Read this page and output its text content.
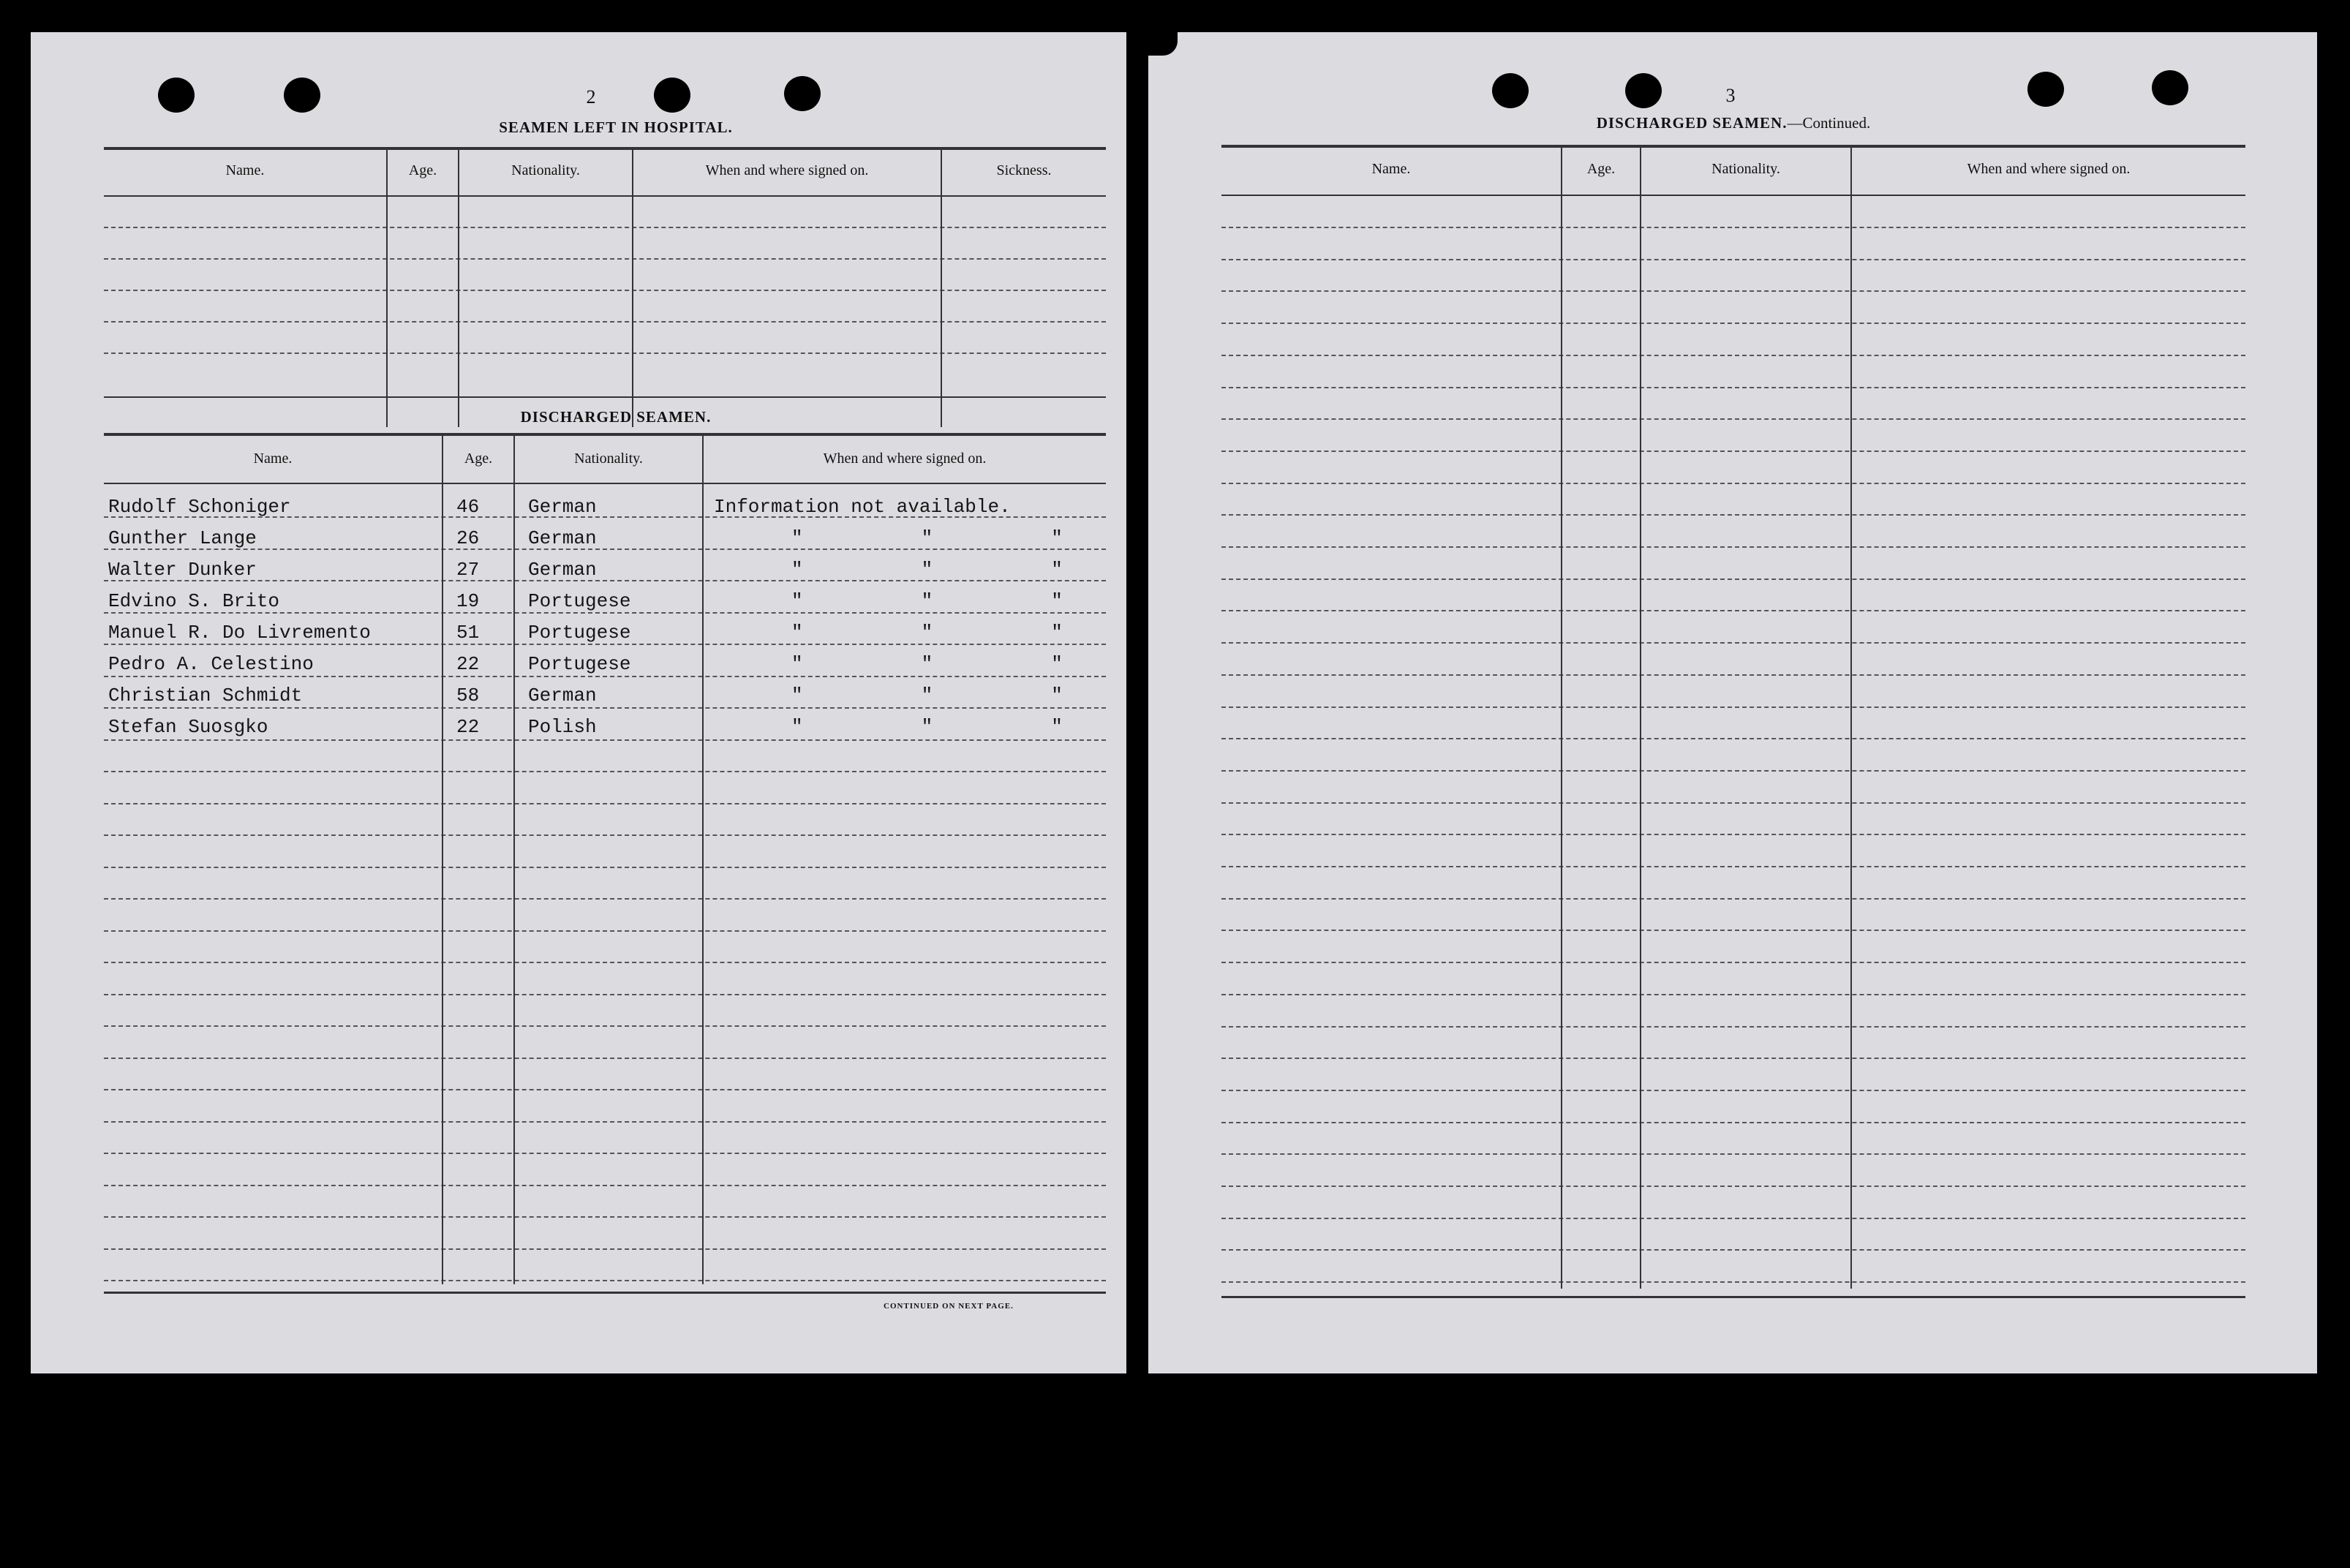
2
SEAMEN LEFT IN HOSPITAL.
Name.	Age.	Nationality.	When and where signed on.	Sickness.
DISCHARGED SEAMEN.
Name.	Age.	Nationality.	When and where signed on.
Rudolf Schoniger	46	German	Information not available.
Gunther Lange	26	German	"     "     "
Walter Dunker	27	German	"     "     "
Edvino S. Brito	19	Portugese	"     "     "
Manuel R. Do Livremento	51	Portugese	"     "     "
Pedro A. Celestino	22	Portugese	"     "     "
Christian Schmidt	58	German	"     "     "
Stefan Suosgko	22	Polish	"     "     "
CONTINUED ON NEXT PAGE.
3
DISCHARGED SEAMEN.—Continued.
Name.	Age.	Nationality.	When and where signed on.
